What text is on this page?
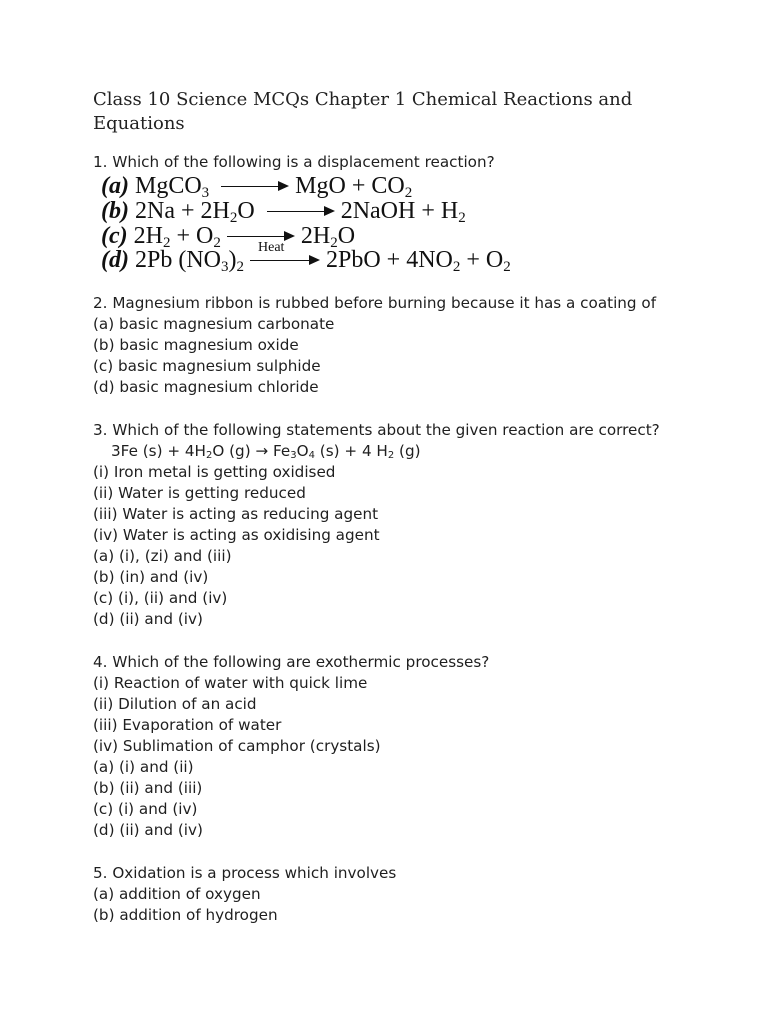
Class 10 Science MCQs Chapter 1 Chemical Reactions and Equations
1. Which of the following is a displacement reaction?
(a) MgCO$_3$	MgO + $CO_2$
(b) $2Na + 2H_2O$	2NaOH + $H_2$
(c) $2H_2 + O_2$	$2H_2O$
Heat
(d) 2Pb $(NO_3)_2$	$2PbO + 4NO_2 + O_2$
2. Magnesium ribbon is rubbed before burning because it has a coating of
(a) basic magnesium carbonate
(b) basic magnesium oxide
(c) basic magnesium sulphide
(d) basic magnesium chloride
3. Which of the following statements about the given reaction are correct?
3Fe (s) + 4H2O (g) → Fe3O4 (s) + 4 H2 (g)
(i) Iron metal is getting oxidised
(ii) Water is getting reduced
(iii) Water is acting as reducing agent
(iv) Water is acting as oxidising agent
(a) (i), (zi) and (iii)
(b) (in) and (iv)
(c) (i), (ii) and (iv)
(d) (ii) and (iv)
4. Which of the following are exothermic processes?
(i) Reaction of water with quick lime
(ii) Dilution of an acid
(iii) Evaporation of water
(iv) Sublimation of camphor (crystals)
(a) (i) and (ii)
(b) (ii) and (iii)
(c) (i) and (iv)
(d) (ii) and (iv)
5. Oxidation is a process which involves
(a) addition of oxygen
(b) addition of hydrogen
